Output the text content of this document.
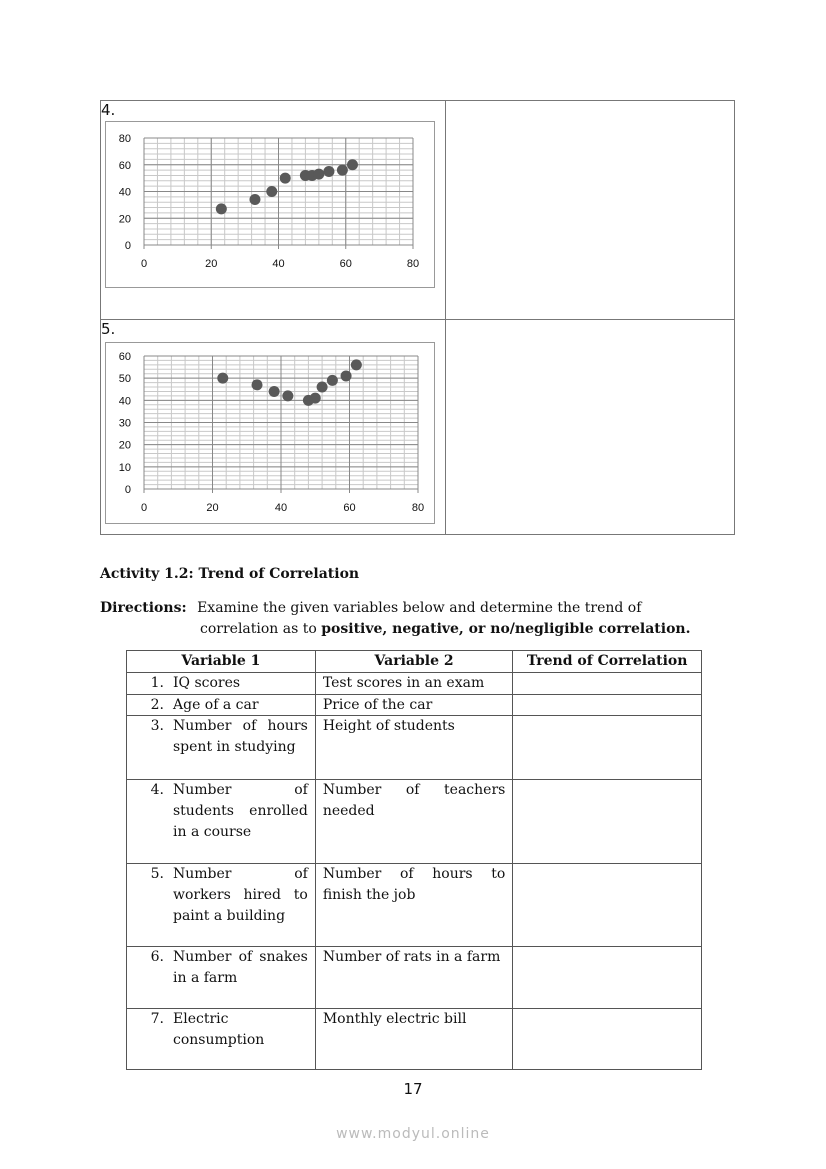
4.
5.
0
20
40
60
80
0	20	40	60	80
0
10
20
30
40
50
60
0	20	40	60	80
Activity 1.2: Trend of Correlation
Directions: Examine the given variables below and determine the trend of
correlation as to positive, negative, or no/negligible correlation.
Variable 1	Variable 2	Trend of Correlation

1. IQ scores	Test scores in an exam	

2. Age of a car	Price of the car	

3. Number of hours spent in studying	Height of students	

4. Number of students enrolled in a course	Number of teachers needed	

5. Number of workers hired to paint a building	Number of hours to finish the job	

6. Number of snakes in a farm	Number of rats in a farm	

7. Electric consumption	Monthly electric bill	
17
www.modyul.online
